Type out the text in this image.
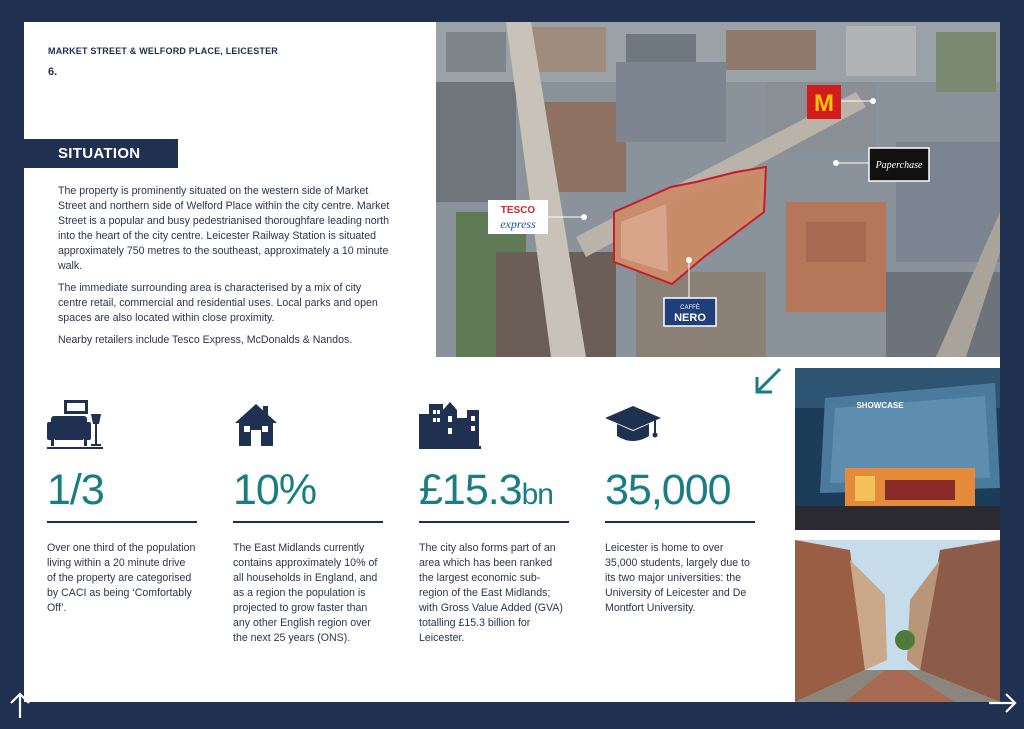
MARKET STREET & WELFORD PLACE, LEICESTER
6.
SITUATION

The property is prominently situated on the western side of Market Street and northern side of Welford Place within the city centre. Market Street is a popular and busy pedestrianised thoroughfare leading north into the heart of the city centre. Leicester Railway Station is situated approximately 750 metres to the southeast, approximately a 10 minute walk.

The immediate surrounding area is characterised by a mix of city centre retail, commercial and residential uses. Local parks and open spaces are also located within close proximity.

Nearby retailers include Tesco Express, McDonalds & Nandos.

TESCO
express
M
Paperchase
CAFFÈ
NERO
SHOWCASE
1/3
Over one third of the population living within a 20 minute drive of the property are categorised by CACI as being ‘Comfortably Off’.
10%
The East Midlands currently contains approximately 10% of all households in England, and as a region the population is projected to grow faster than any other English region over the next 25 years (ONS).
£15.3bn
The city also forms part of an area which has been ranked the largest economic sub-region of the East Midlands; with Gross Value Added (GVA) totalling £15.3 billion for Leicester.
35,000
Leicester is home to over 35,000 students, largely due to its two major universities: the University of Leicester and De Montfort University.
